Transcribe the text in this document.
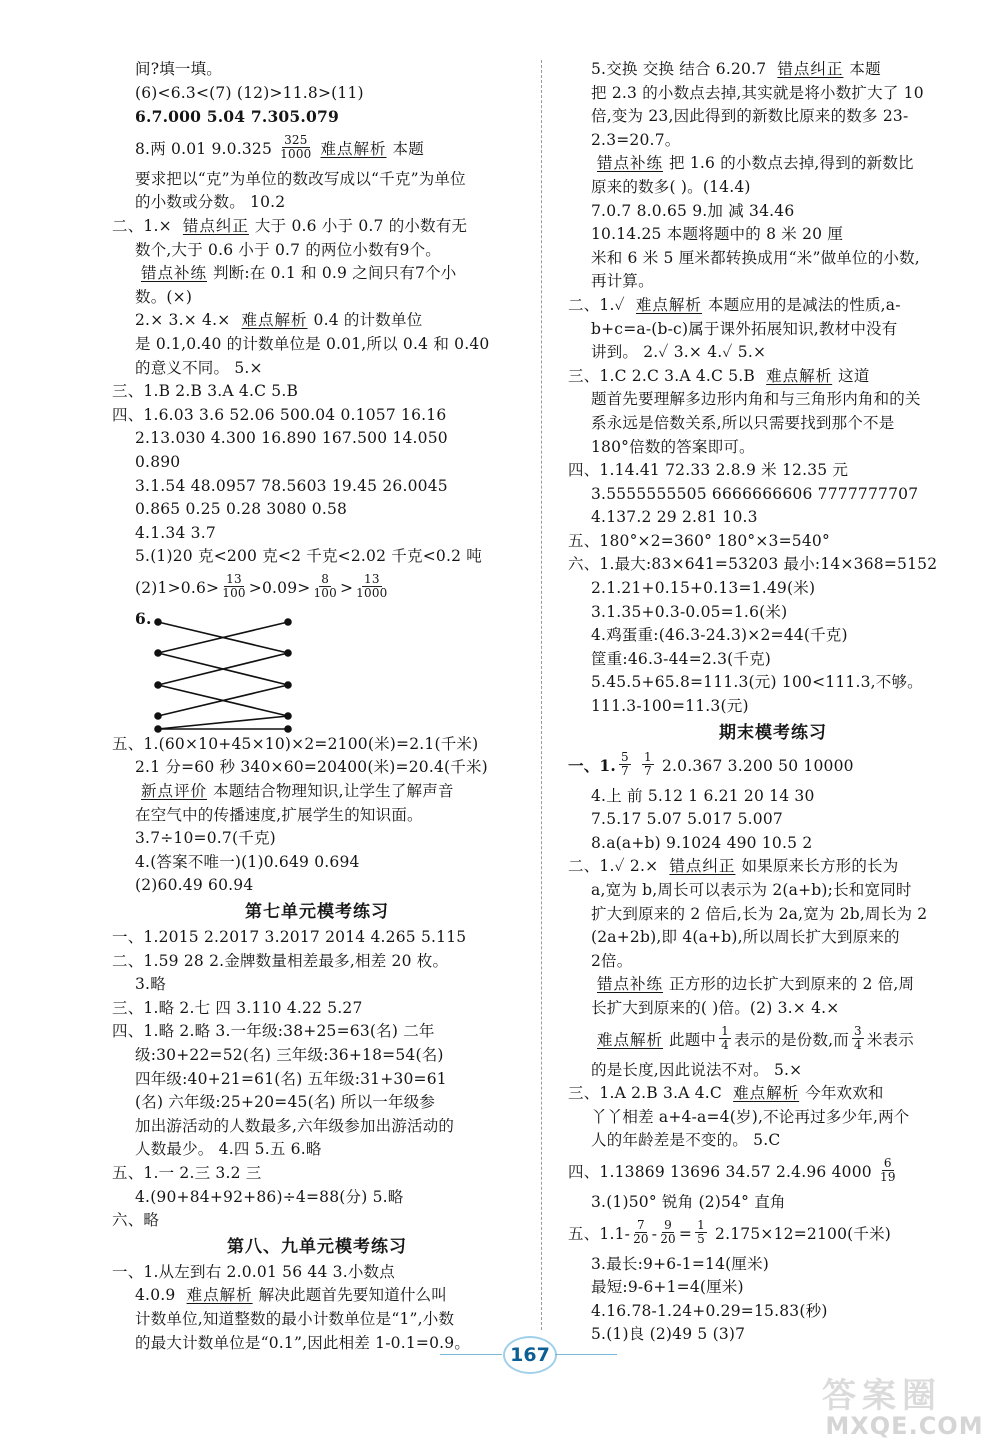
间?填一填。
(6)<6.3<(7) (12)>11.8>(11)
6.7.000 5.04 7.305.079
8.两 0.01 $9.0.325 \frac{325}{1000}$ 难点解析 本题
要求把以“克”为单位的数改写成以“千克”为单位
的小数或分数。 10.2
二、1.× 错点纠正 大于 0.6 小于 0.7 的小数有无
数个,大于 0.6 小于 0.7 的两位小数有9个。
错点补练 判断:在 0.1 和 0.9 之间只有7个小
数。(×)
2.× 3.× 4.× 难点解析 0.4 的计数单位
是 0.1,0.40 的计数单位是 0.01,所以 0.4 和 0.40
的意义不同。 5.×
三、1.B 2.B 3.A 4.C 5.B
四、1.6.03 3.6 52.06 500.04 0.1057 16.16
2.13.030 4.300 16.890 167.500 14.050
0.890
3.1.54 48.0957 78.5603 19.45 26.0045
0.865 0.25 0.28 3080 0.58
4.1.34 3.7
5.(1)20 克<200 克<2 千克<2.02 千克<0.2 吨
$(2)1>0.6> \frac{13}{100} >0.09> \frac{8}{100} > \frac{13}{1000}$
6.
五、1.(60×10+45×10)×2=2100(米)=2.1(千米)
2.1 分=60 秒 340×60=20400(米)=20.4(千米)
新点评价 本题结合物理知识,让学生了解声音
在空气中的传播速度,扩展学生的知识面。
3.7÷10=0.7(千克)
4.(答案不唯一)(1)0.649 0.694
(2)60.49 60.94
第七单元模考练习
一、1.2015 2.2017 3.2017 2014 4.265 5.115
二、1.59 28 2.金牌数量相差最多,相差 20 枚。
3.略
三、1.略 2.七 四 3.110 4.22 5.27
四、1.略 2.略 3.一年级:38+25=63(名) 二年
级:30+22=52(名) 三年级:36+18=54(名)
四年级:40+21=61(名) 五年级:31+30=61
(名) 六年级:25+20=45(名) 所以一年级参
加出游活动的人数最多,六年级参加出游活动的
人数最少。 4.四 5.五 6.略
五、1.一 2.三 3.2 三
4.(90+84+92+86)÷4=88(分) 5.略
六、略
第八、九单元模考练习
一、1.从左到右 2.0.01 56 44 3.小数点
4.0.9 难点解析 解决此题首先要知道什么叫
计数单位,知道整数的最小计数单位是“1”,小数
的最大计数单位是“0.1”,因此相差 1-0.1=0.9。
5.交换 交换 结合 6.20.7 错点纠正 本题
把 2.3 的小数点去掉,其实就是将小数扩大了 10
倍,变为 23,因此得到的新数比原来的数多 23-
2.3=20.7。
错点补练 把 1.6 的小数点去掉,得到的新数比
原来的数多( )。(14.4)
7.0.7 8.0.65 9.加 减 34.46
10.14.25 本题将题中的 8 米 20 厘
米和 6 米 5 厘米都转换成用“米”做单位的小数,
再计算。
二、1.✓ 难点解析 本题应用的是减法的性质,a-
b+c=a-(b-c)属于课外拓展知识,教材中没有
讲到。 2.✓ 3.× 4.✓ 5.×
三、1.C 2.C 3.A 4.C 5.B 难点解析 这道
题首先要理解多边形内角和与三角形内角和的关
系永远是倍数关系,所以只需要找到那个不是
180°倍数的答案即可。
四、1.14.41 72.33 2.8.9 米 12.35 元
3.5555555505 6666666606 7777777707
4.137.2 29 2.81 10.3
五、180°×2=360° 180°×3=540°
六、1.最大:83×641=53203 最小:14×368=5152
2.1.21+0.15+0.13=1.49(米)
3.1.35+0.3-0.05=1.6(米)
4.鸡蛋重:(46.3-24.3)×2=44(千克)
筐重:46.3-44=2.3(千克)
5.45.5+65.8=111.3(元) 100<111.3,不够。
111.3-100=11.3(元)
期末模考练习
一、1. $\frac{5}{7}$
$\frac{1}{7} 2.0.367$ 3.200 50 10000
4.上 前 5.12 1 6.21 20 14 30
7.5.17 5.07 5.017 5.007
8.a(a+b) 9.1024 490 10.5 2
二、1.✓ 2.× 错点纠正 如果原来长方形的长为
a,宽为 b,周长可以表示为 2(a+b);长和宽同时
扩大到原来的 2 倍后,长为 2a,宽为 2b,周长为 2
(2a+2b),即 4(a+b),所以周长扩大到原来的
2倍。
错点补练 正方形的边长扩大到原来的 2 倍,周
长扩大到原来的( )倍。(2) 3.× 4.×
难点解析 此题中 $\frac{1}{4}$ 表示的是份数,而 $\frac{3}{4}$ 米表示
的是长度,因此说法不对。 5.×
三、1.A 2.B 3.A 4.C 难点解析 今年欢欢和
丫丫相差 a+4-a=4(岁),不论再过多少年,两个
人的年龄差是不变的。 5.C
四、1.13869 13696 34.57 2.4.96 $4000 \frac{6}{19}$
3.(1)50° 锐角 (2)54° 直角
五、$1.1- \frac{7}{20} - \frac{9}{20} = \frac{1}{5} 2.175\times 12=2100$(千米)
3.最长:9+6-1=14(厘米)
最短:9-6+1=4(厘米)
4.16.78-1.24+0.29=15.83(秒)
5.(1)良 (2)49 5 (3)7
167
答案圈
MXQE.COM
